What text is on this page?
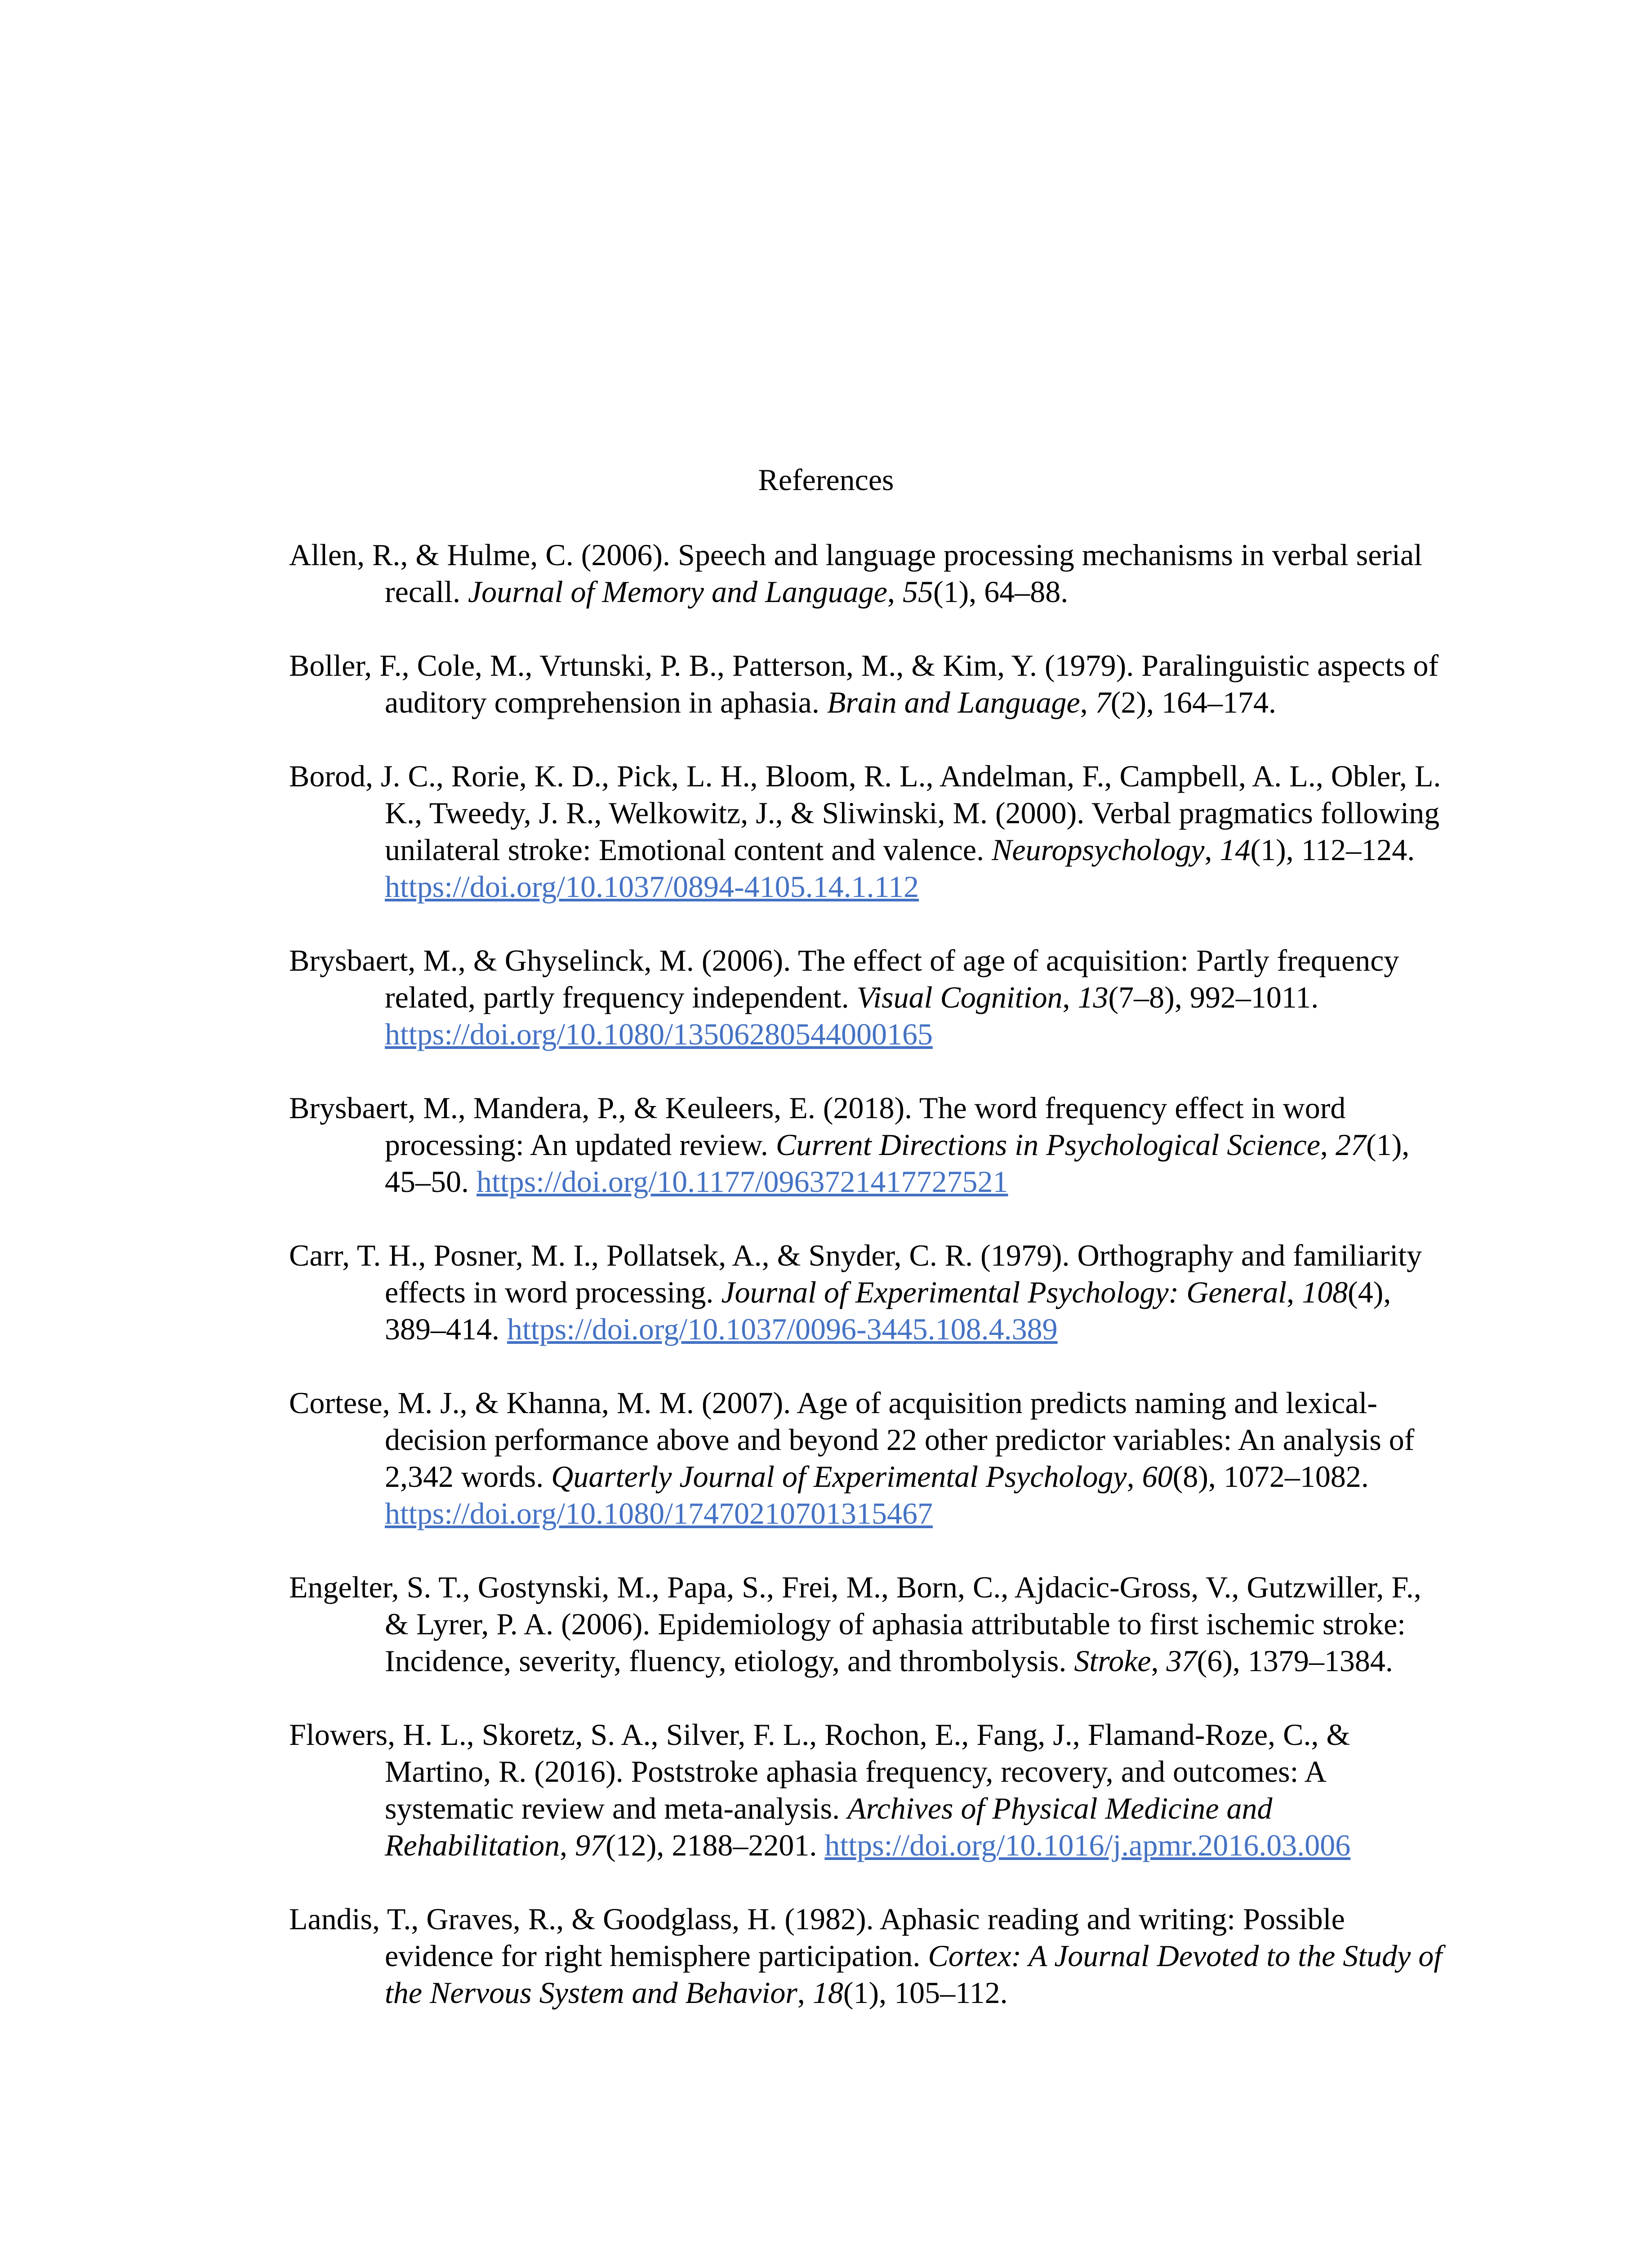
References

Allen, R., & Hulme, C. (2006). Speech and language processing mechanisms in verbal serial recall. Journal of Memory and Language, 55(1), 64–88.

Boller, F., Cole, M., Vrtunski, P. B., Patterson, M., & Kim, Y. (1979). Paralinguistic aspects of auditory comprehension in aphasia. Brain and Language, 7(2), 164–174.

Borod, J. C., Rorie, K. D., Pick, L. H., Bloom, R. L., Andelman, F., Campbell, A. L., Obler, L. K., Tweedy, J. R., Welkowitz, J., & Sliwinski, M. (2000). Verbal pragmatics following unilateral stroke: Emotional content and valence. Neuropsychology, 14(1), 112–124. https://doi.org/10.1037/0894-4105.14.1.112

Brysbaert, M., & Ghyselinck, M. (2006). The effect of age of acquisition: Partly frequency related, partly frequency independent. Visual Cognition, 13(7–8), 992–1011. https://doi.org/10.1080/13506280544000165

Brysbaert, M., Mandera, P., & Keuleers, E. (2018). The word frequency effect in word processing: An updated review. Current Directions in Psychological Science, 27(1), 45–50. https://doi.org/10.1177/0963721417727521

Carr, T. H., Posner, M. I., Pollatsek, A., & Snyder, C. R. (1979). Orthography and familiarity effects in word processing. Journal of Experimental Psychology: General, 108(4), 389–414. https://doi.org/10.1037/0096-3445.108.4.389

Cortese, M. J., & Khanna, M. M. (2007). Age of acquisition predicts naming and lexical-decision performance above and beyond 22 other predictor variables: An analysis of 2,342 words. Quarterly Journal of Experimental Psychology, 60(8), 1072–1082. https://doi.org/10.1080/17470210701315467

Engelter, S. T., Gostynski, M., Papa, S., Frei, M., Born, C., Ajdacic-Gross, V., Gutzwiller, F., & Lyrer, P. A. (2006). Epidemiology of aphasia attributable to first ischemic stroke: Incidence, severity, fluency, etiology, and thrombolysis. Stroke, 37(6), 1379–1384.

Flowers, H. L., Skoretz, S. A., Silver, F. L., Rochon, E., Fang, J., Flamand-Roze, C., & Martino, R. (2016). Poststroke aphasia frequency, recovery, and outcomes: A systematic review and meta-analysis. Archives of Physical Medicine and Rehabilitation, 97(12), 2188–2201. https://doi.org/10.1016/j.apmr.2016.03.006

Landis, T., Graves, R., & Goodglass, H. (1982). Aphasic reading and writing: Possible evidence for right hemisphere participation. Cortex: A Journal Devoted to the Study of the Nervous System and Behavior, 18(1), 105–112.
